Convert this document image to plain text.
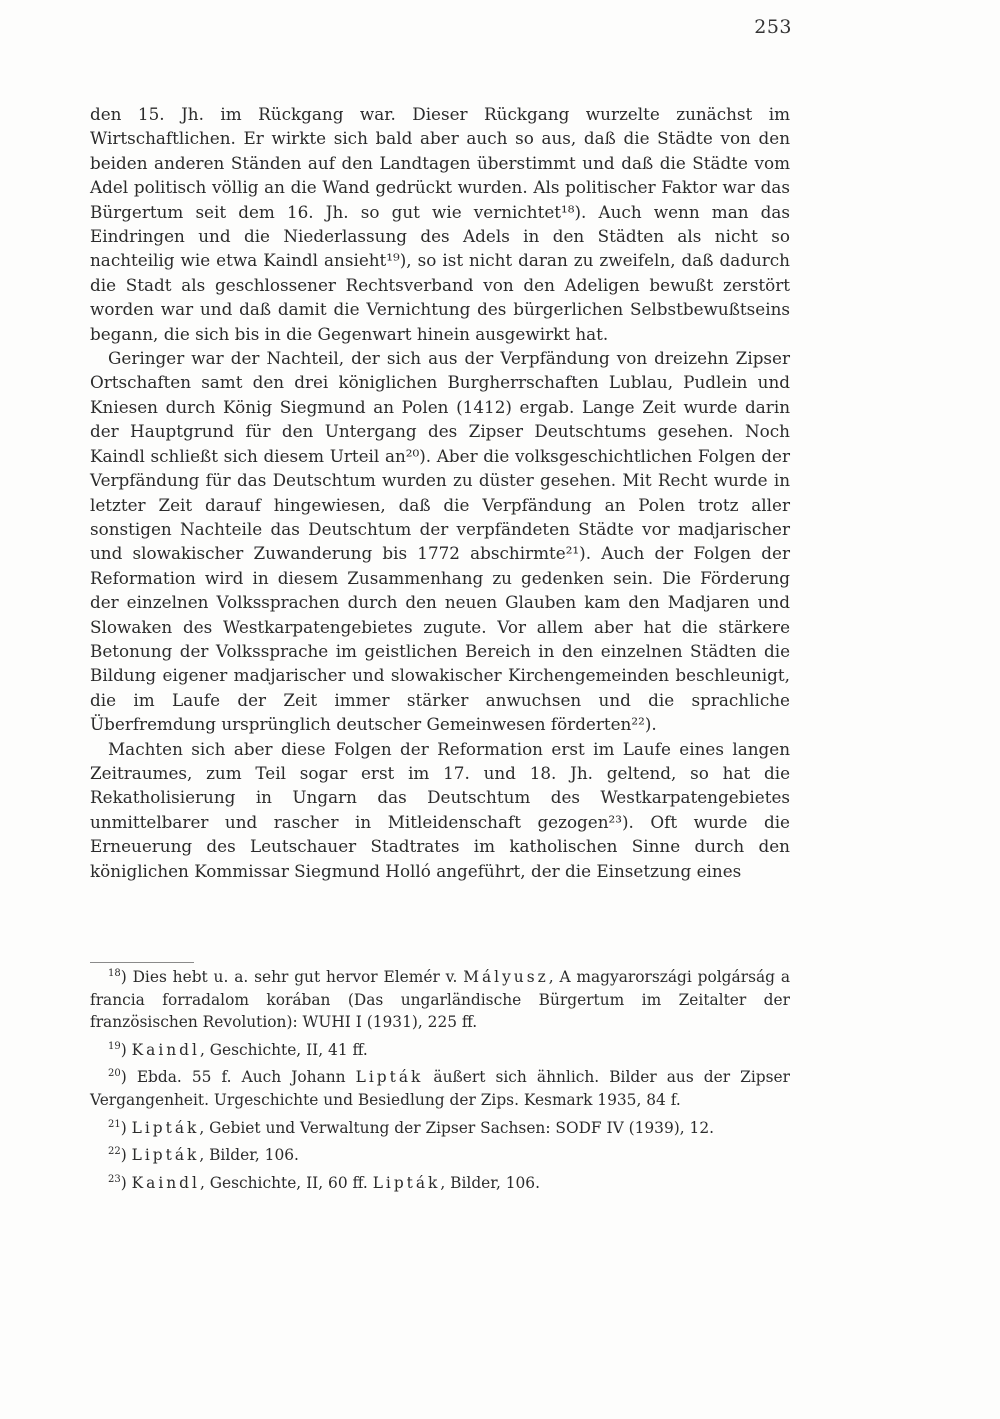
253

den 15. Jh. im Rückgang war. Dieser Rückgang wurzelte zunächst im Wirtschaftlichen. Er wirkte sich bald aber auch so aus, daß die Städte von den beiden anderen Ständen auf den Landtagen überstimmt und daß die Städte vom Adel politisch völlig an die Wand gedrückt wurden. Als politischer Faktor war das Bürgertum seit dem 16. Jh. so gut wie vernichtet¹⁸). Auch wenn man das Eindringen und die Niederlassung des Adels in den Städten als nicht so nachteilig wie etwa Kaindl ansieht¹⁹), so ist nicht daran zu zweifeln, daß dadurch die Stadt als geschlossener Rechtsverband von den Adeligen bewußt zerstört worden war und daß damit die Vernichtung des bürgerlichen Selbstbewußtseins begann, die sich bis in die Gegenwart hinein ausgewirkt hat.

Geringer war der Nachteil, der sich aus der Verpfändung von dreizehn Zipser Ortschaften samt den drei königlichen Burgherrschaften Lublau, Pudlein und Kniesen durch König Siegmund an Polen (1412) ergab. Lange Zeit wurde darin der Hauptgrund für den Untergang des Zipser Deutschtums gesehen. Noch Kaindl schließt sich diesem Urteil an²⁰). Aber die volksgeschichtlichen Folgen der Verpfändung für das Deutschtum wurden zu düster gesehen. Mit Recht wurde in letzter Zeit darauf hingewiesen, daß die Verpfändung an Polen trotz aller sonstigen Nachteile das Deutschtum der verpfändeten Städte vor madjarischer und slowakischer Zuwanderung bis 1772 abschirmte²¹). Auch der Folgen der Reformation wird in diesem Zusammenhang zu gedenken sein. Die Förderung der einzelnen Volkssprachen durch den neuen Glauben kam den Madjaren und Slowaken des Westkarpatengebietes zugute. Vor allem aber hat die stärkere Betonung der Volkssprache im geistlichen Bereich in den einzelnen Städten die Bildung eigener madjarischer und slowakischer Kirchengemeinden beschleunigt, die im Laufe der Zeit immer stärker anwuchsen und die sprachliche Überfremdung ursprünglich deutscher Gemeinwesen förderten²²).

Machten sich aber diese Folgen der Reformation erst im Laufe eines langen Zeitraumes, zum Teil sogar erst im 17. und 18. Jh. geltend, so hat die Rekatholisierung in Ungarn das Deutschtum des Westkarpatengebietes unmittelbarer und rascher in Mitleidenschaft gezogen²³). Oft wurde die Erneuerung des Leutschauer Stadtrates im katholischen Sinne durch den königlichen Kommissar Siegmund Holló angeführt, der die Einsetzung eines

$^{18}$) Dies hebt u. a. sehr gut hervor Elemér v. Mályusz, A magyarországi polgárság a francia forradalom korában (Das ungarländische Bürgertum im Zeitalter der französischen Revolution): WUHI I (1931), 225 ff.

$^{19}$) Kaindl, Geschichte, II, 41 ff.

$^{20}$) Ebda. 55 f. Auch Johann Lipták äußert sich ähnlich. Bilder aus der Zipser Vergangenheit. Urgeschichte und Besiedlung der Zips. Kesmark 1935, 84 f.

$^{21}$) Lipták, Gebiet und Verwaltung der Zipser Sachsen: SODF IV (1939), 12.

$^{22}$) Lipták, Bilder, 106.

$^{23}$) Kaindl, Geschichte, II, 60 ff. Lipták, Bilder, 106.
